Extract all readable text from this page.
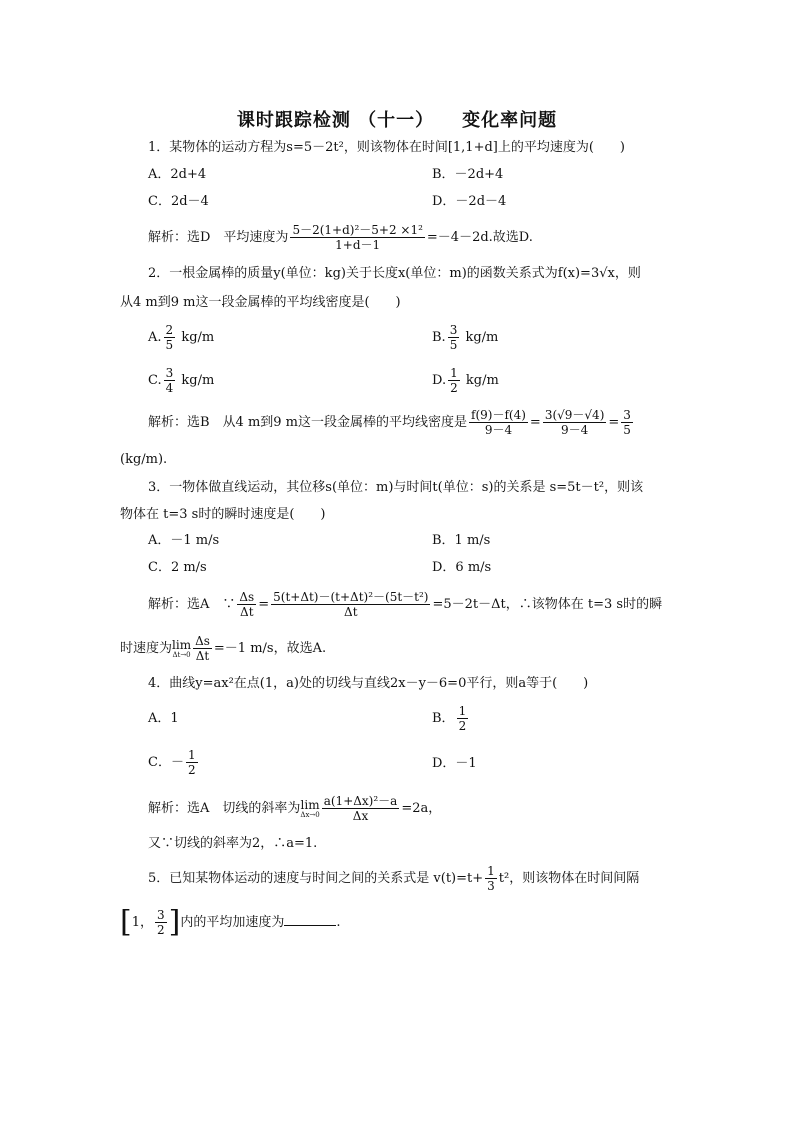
课时跟踪检测 （十一） 变化率问题
1．某物体的运动方程为s=5－2t²，则该物体在时间[1,1+d]上的平均速度为(　　)
A．2d+4	B．－2d+4
C．2d－4	D．－2d－4
解析：选D　平均速度为 $\frac{\text{5－2(1+d)²－5+2 ×1²}}{1+d-1} =-4-2d$.故选D.
2．一根金属棒的质量y(单位：kg)关于长度x(单位：m)的函数关系式为f(x)=3√x，则
从4 m到9 m这一段金属棒的平均线密度是(　　)
A. $\frac{2}{5} kg/m$	B. $\frac{3}{5} kg/m$
C. $\frac{3}{4} kg/m$	D. $\frac{1}{2} kg/m$
解析：选B　从4 m到9 m这一段金属棒的平均线密度是 $\frac{f(9)-f(4)}{9-4} = \frac{3(√9-√4)}{9-4} = \frac{3}{5}$
(kg/m).
3．一物体做直线运动，其位移s(单位：m)与时间t(单位：s)的关系是 s=5t－t²，则该
物体在 t=3 s时的瞬时速度是(　　)
A．－1 m/s	B．1 m/s
C．2 m/s	D．6 m/s
解析：选A　∵ $\frac{\Delta s}{\Delta t} = \frac{\text{5(t+Δt)－(t+Δt)²－(5t－t²)}}{\Delta t} =5-2t-\Delta t$，∴该物体在 t=3 s时的瞬
时速度为lim
$\Delta t\to 0 \frac{\Delta s}{\Delta t} =-1$ m/s，故选A.
4．曲线y=ax²在点(1，a)处的切线与直线2x－y－6=0平行，则a等于(　　)
A．1	B． $\frac{1}{2}$
C．－ $\frac{1}{2}$	D．－1
解析：选A　切线的斜率为lim
$\Delta x\to 0 \frac{\text{a(1+Δx)²－a}}{\Delta x} =2a$，
又∵切线的斜率为2，∴a=1.
5．已知某物体运动的速度与时间之间的关系式是 $v(t)=t+ \frac{1}{3} t^2$，则该物体在时间间隔
[1， $\frac{3}{2}$ ]内的平均加速度为	.
